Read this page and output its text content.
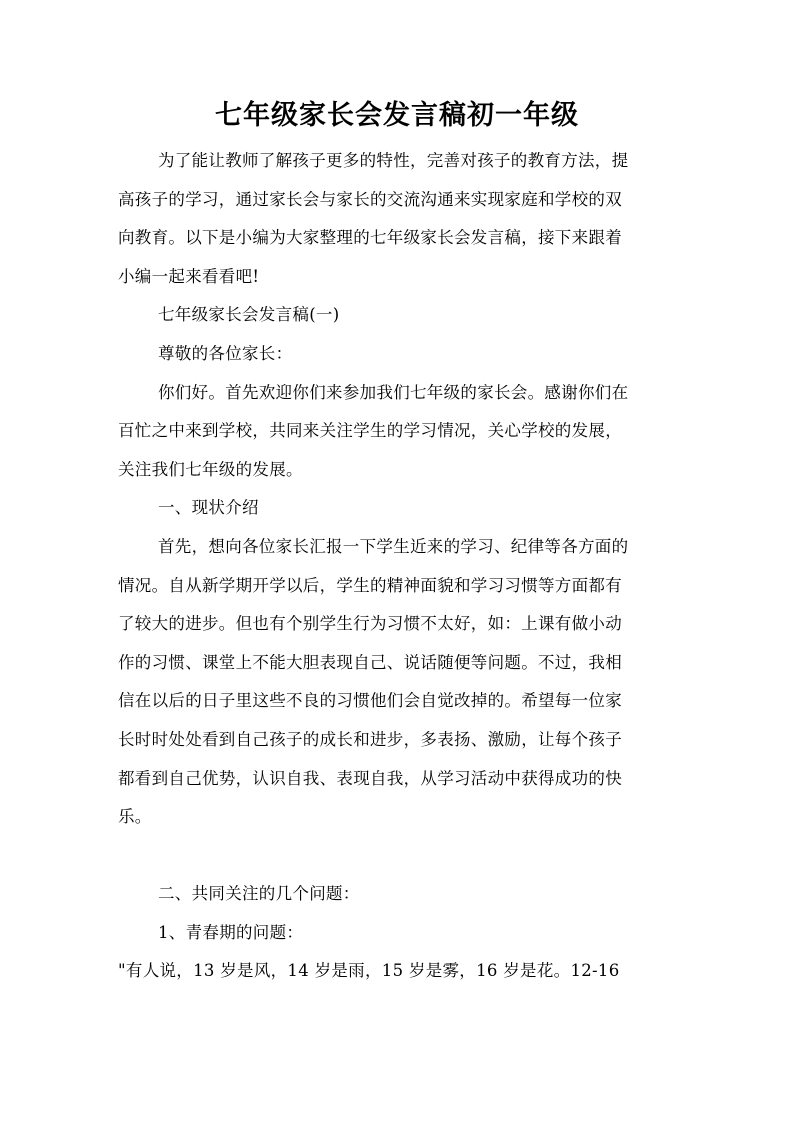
七年级家长会发言稿初一年级

为了能让教师了解孩子更多的特性，完善对孩子的教育方法，提

高孩子的学习，通过家长会与家长的交流沟通来实现家庭和学校的双

向教育。以下是小编为大家整理的七年级家长会发言稿，接下来跟着

小编一起来看看吧!

七年级家长会发言稿(一)

尊敬的各位家长：

你们好。首先欢迎你们来参加我们七年级的家长会。感谢你们在

百忙之中来到学校，共同来关注学生的学习情况，关心学校的发展，

关注我们七年级的发展。

一、现状介绍

首先，想向各位家长汇报一下学生近来的学习、纪律等各方面的

情况。自从新学期开学以后，学生的精神面貌和学习习惯等方面都有

了较大的进步。但也有个别学生行为习惯不太好，如：上课有做小动

作的习惯、课堂上不能大胆表现自己、说话随便等问题。不过，我相

信在以后的日子里这些不良的习惯他们会自觉改掉的。希望每一位家

长时时处处看到自己孩子的成长和进步，多表扬、激励，让每个孩子

都看到自己优势，认识自我、表现自我，从学习活动中获得成功的快

乐。

二、共同关注的几个问题：

1、青春期的问题：

"有人说，13 岁是风，14 岁是雨，15 岁是雾，16 岁是花。12-16
